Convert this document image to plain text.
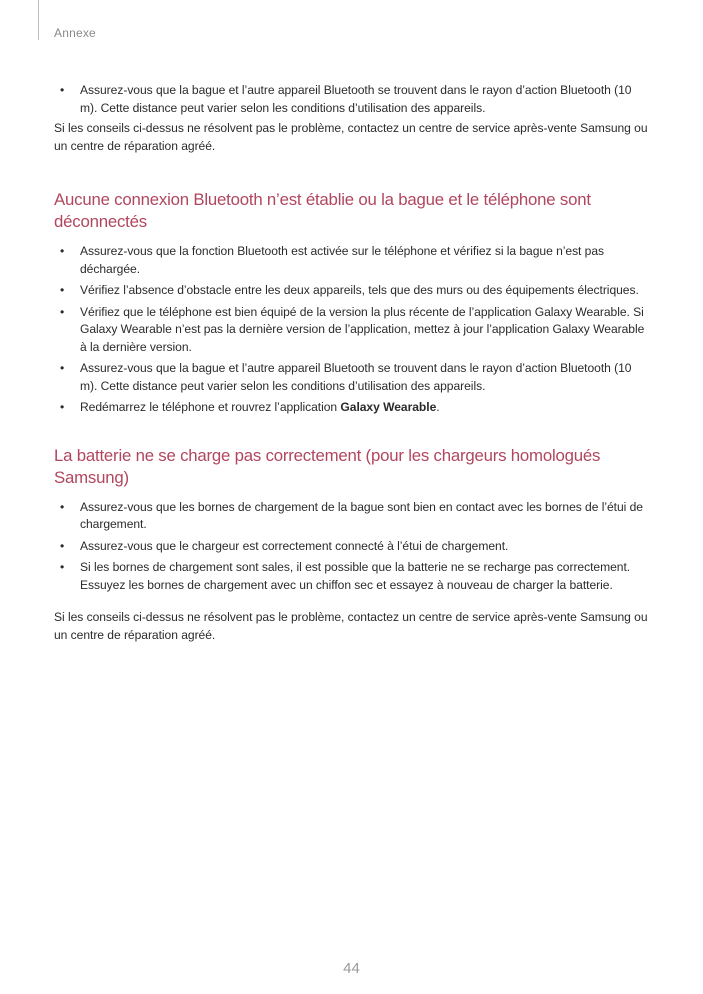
Annexe
• Assurez-vous que la bague et l’autre appareil Bluetooth se trouvent dans le rayon d’action Bluetooth (10 m). Cette distance peut varier selon les conditions d’utilisation des appareils.

Si les conseils ci-dessus ne résolvent pas le problème, contactez un centre de service après-vente Samsung ou un centre de réparation agréé.

Aucune connexion Bluetooth n’est établie ou la bague et le téléphone sont déconnectés
• Assurez-vous que la fonction Bluetooth est activée sur le téléphone et vérifiez si la bague n’est pas déchargée.
• Vérifiez l’absence d’obstacle entre les deux appareils, tels que des murs ou des équipements électriques.
• Vérifiez que le téléphone est bien équipé de la version la plus récente de l’application Galaxy Wearable. Si Galaxy Wearable n’est pas la dernière version de l’application, mettez à jour l’application Galaxy Wearable à la dernière version.
• Assurez-vous que la bague et l’autre appareil Bluetooth se trouvent dans le rayon d’action Bluetooth (10 m). Cette distance peut varier selon les conditions d’utilisation des appareils.
• Redémarrez le téléphone et rouvrez l’application Galaxy Wearable.
La batterie ne se charge pas correctement (pour les chargeurs homologués Samsung)
• Assurez-vous que les bornes de chargement de la bague sont bien en contact avec les bornes de l’étui de chargement.
• Assurez-vous que le chargeur est correctement connecté à l’étui de chargement.
• Si les bornes de chargement sont sales, il est possible que la batterie ne se recharge pas correctement. Essuyez les bornes de chargement avec un chiffon sec et essayez à nouveau de charger la batterie.

Si les conseils ci-dessus ne résolvent pas le problème, contactez un centre de service après-vente Samsung ou un centre de réparation agréé.

44
